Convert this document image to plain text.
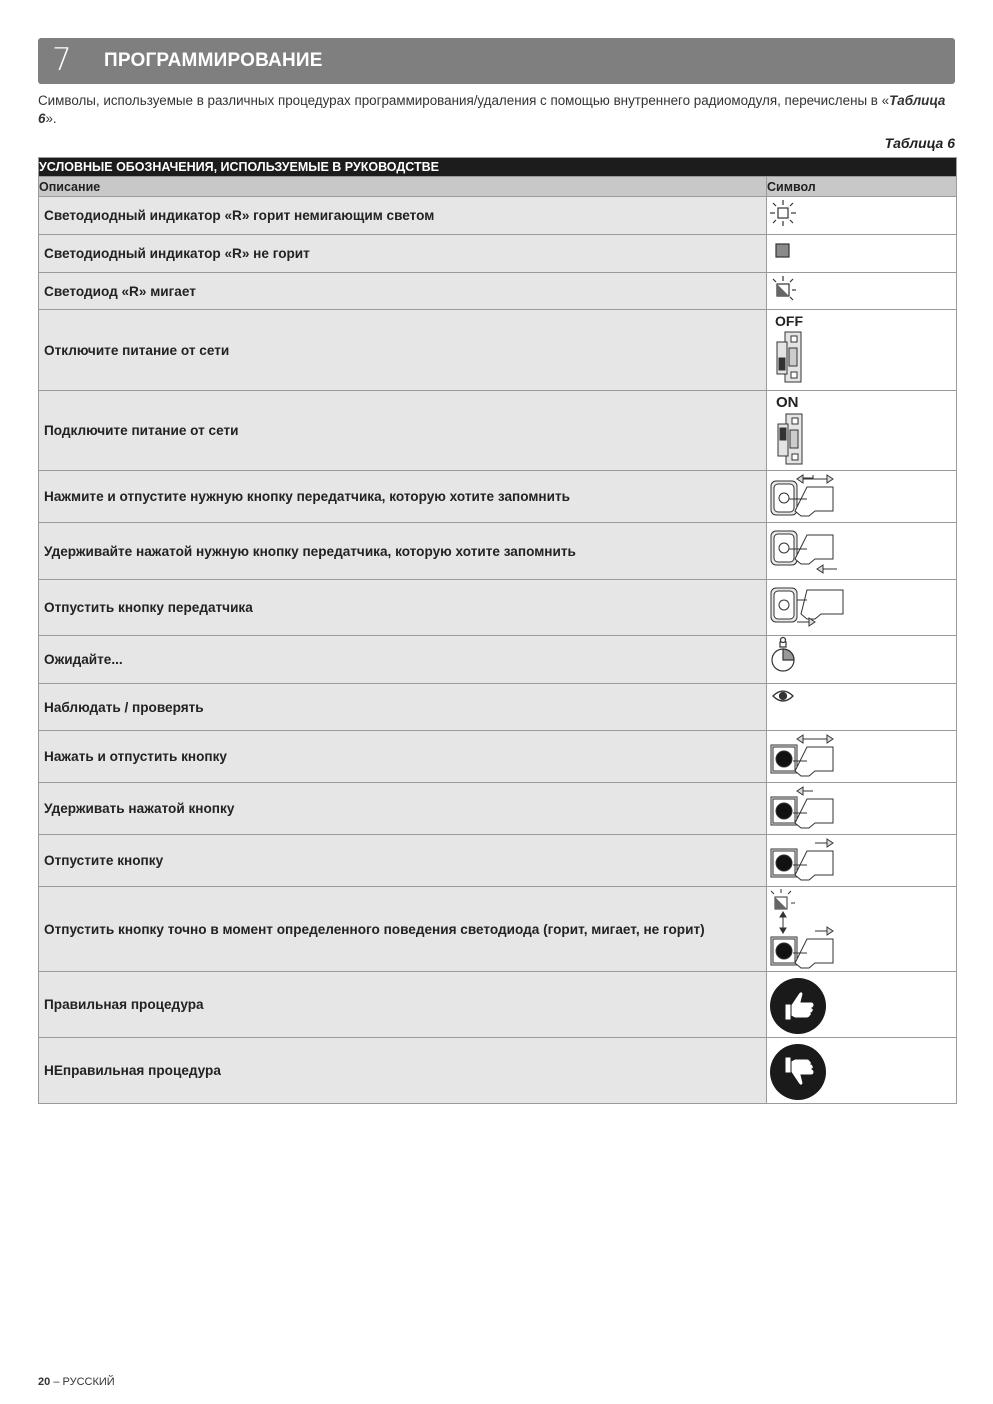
7 ПРОГРАММИРОВАНИЕ
Символы, используемые в различных процедурах программирования/удаления с помощью внутреннего радиомодуля, перечислены в «Таблица 6».
Таблица 6
УСЛОВНЫЕ ОБОЗНАЧЕНИЯ, ИСПОЛЬЗУЕМЫЕ В РУКОВОДСТВЕ	
Описание	Символ
Светодиодный индикатор «R» горит немигающим светом	

Светодиодный индикатор «R» не горит	

Светодиод «R» мигает	

Отключите питание от сети	OFF

Подключите питание от сети	ON

Нажмите и отпустите нужную кнопку передатчика, которую хотите запомнить	

Удерживайте нажатой нужную кнопку передатчика, которую хотите запомнить	

Отпустить кнопку передатчика	

Ожидайте...	

Наблюдать / проверять	

Нажать и отпустить кнопку	

Удерживать нажатой кнопку	

Отпустите кнопку	

Отпустить кнопку точно в момент определенного поведения светодиода (горит, мигает, не горит)	

Правильная процедура	

НЕправильная процедура	
20 – РУССКИЙ
